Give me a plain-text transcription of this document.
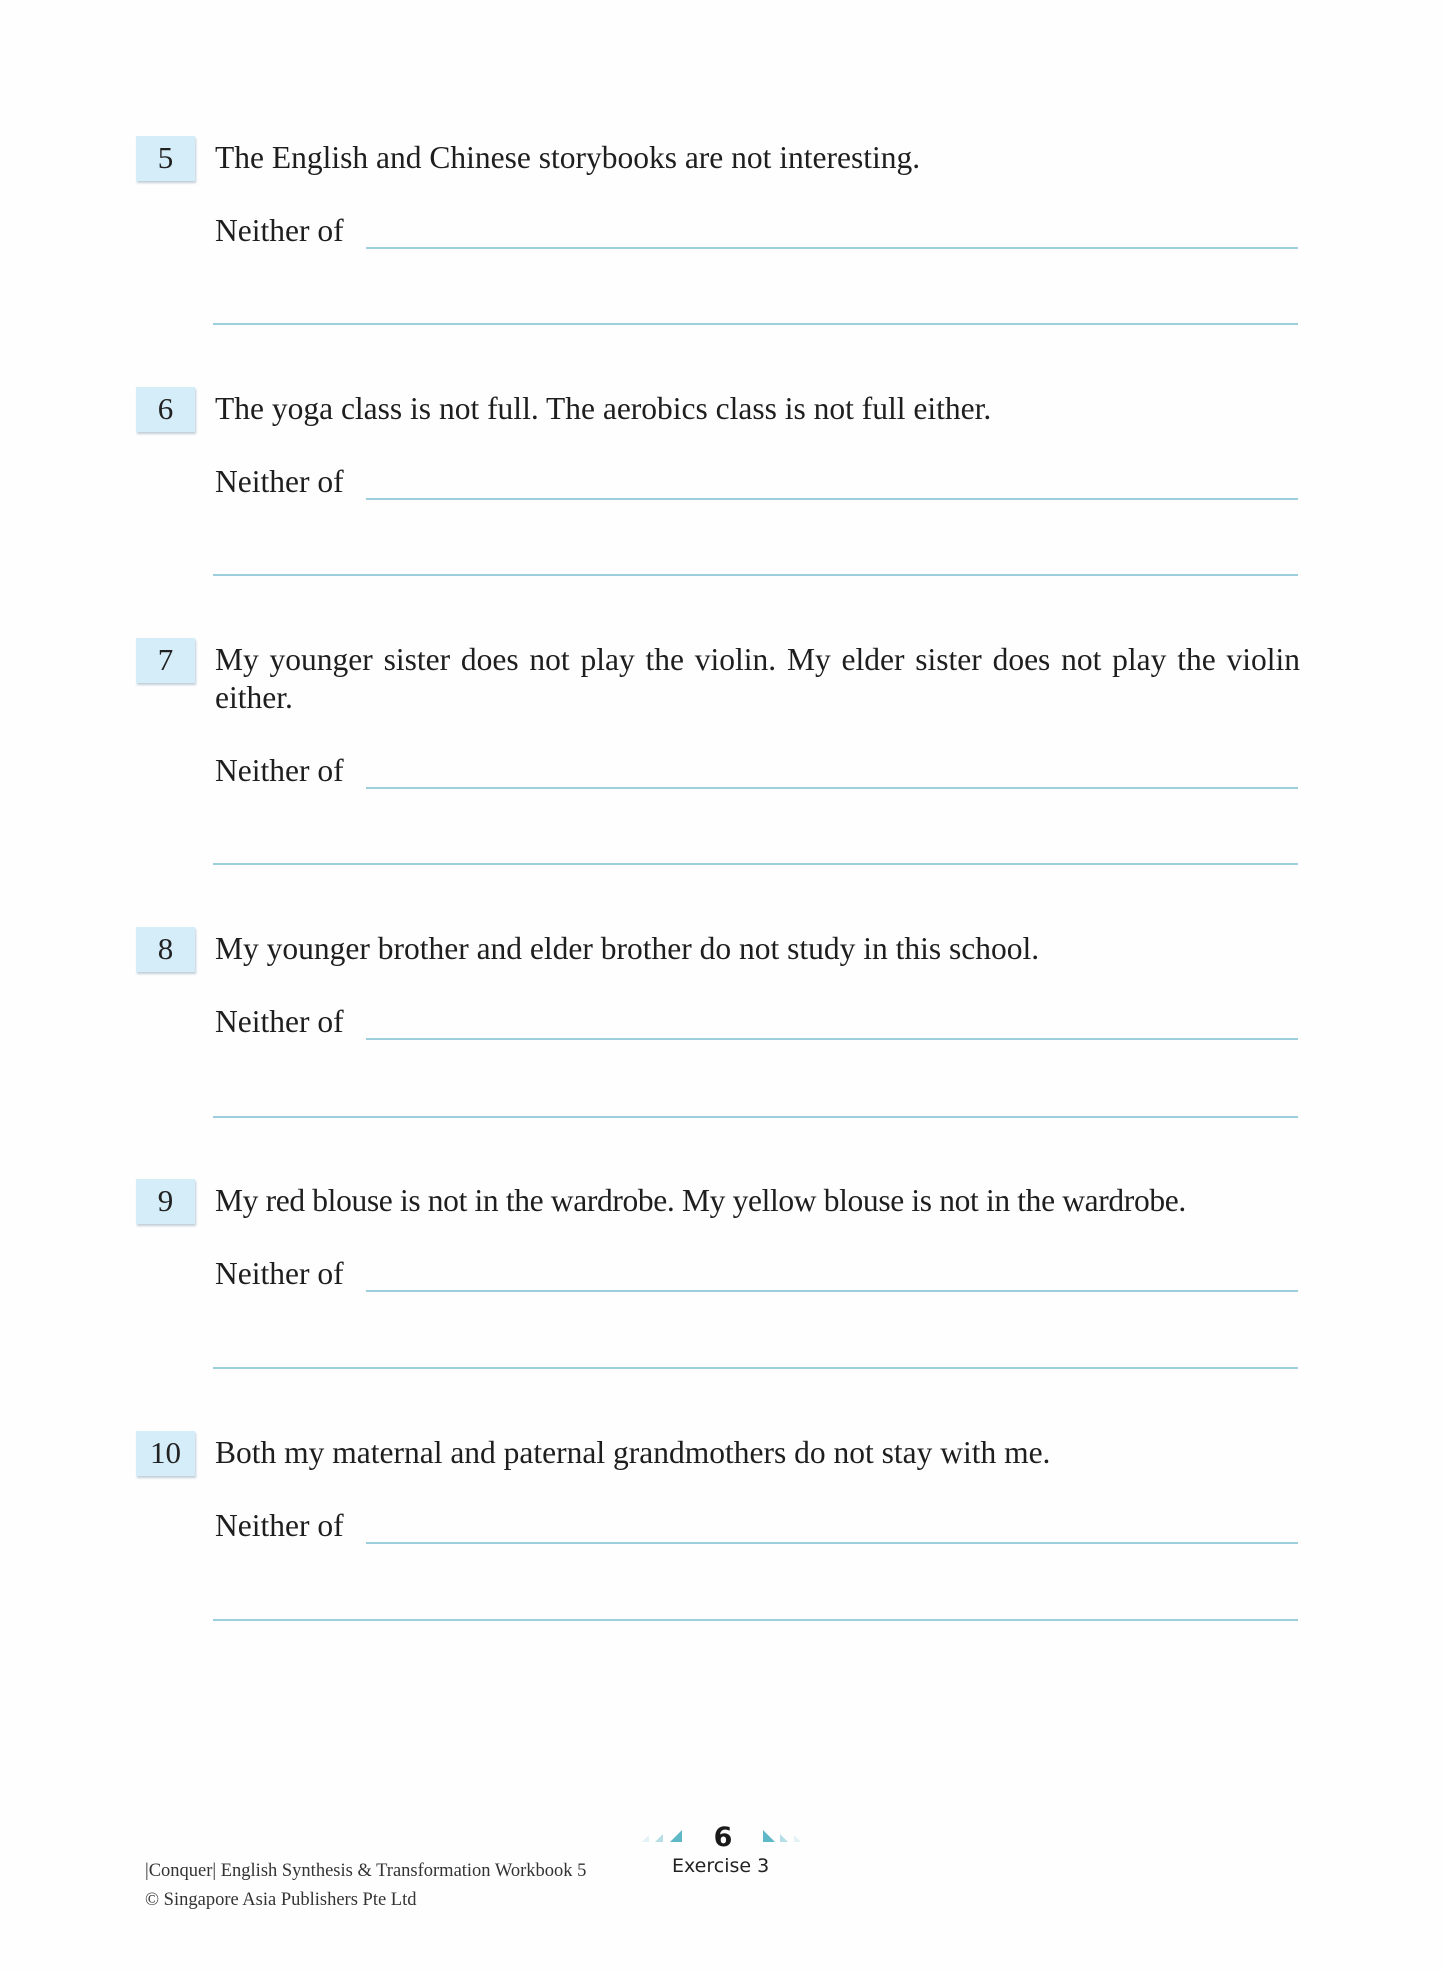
5	The English and Chinese storybooks are not interesting.
Neither of
6	The yoga class is not full. The aerobics class is not full either.
Neither of
7	My younger sister does not play the violin. My elder sister does not play the violin either.
Neither of
8	My younger brother and elder brother do not study in this school.
Neither of
9	My red blouse is not in the wardrobe. My yellow blouse is not in the wardrobe.
Neither of
10	Both my maternal and paternal grandmothers do not stay with me.
Neither of
|Conquer| English Synthesis & Transformation Workbook 5
© Singapore Asia Publishers Pte Ltd
6
Exercise 3
